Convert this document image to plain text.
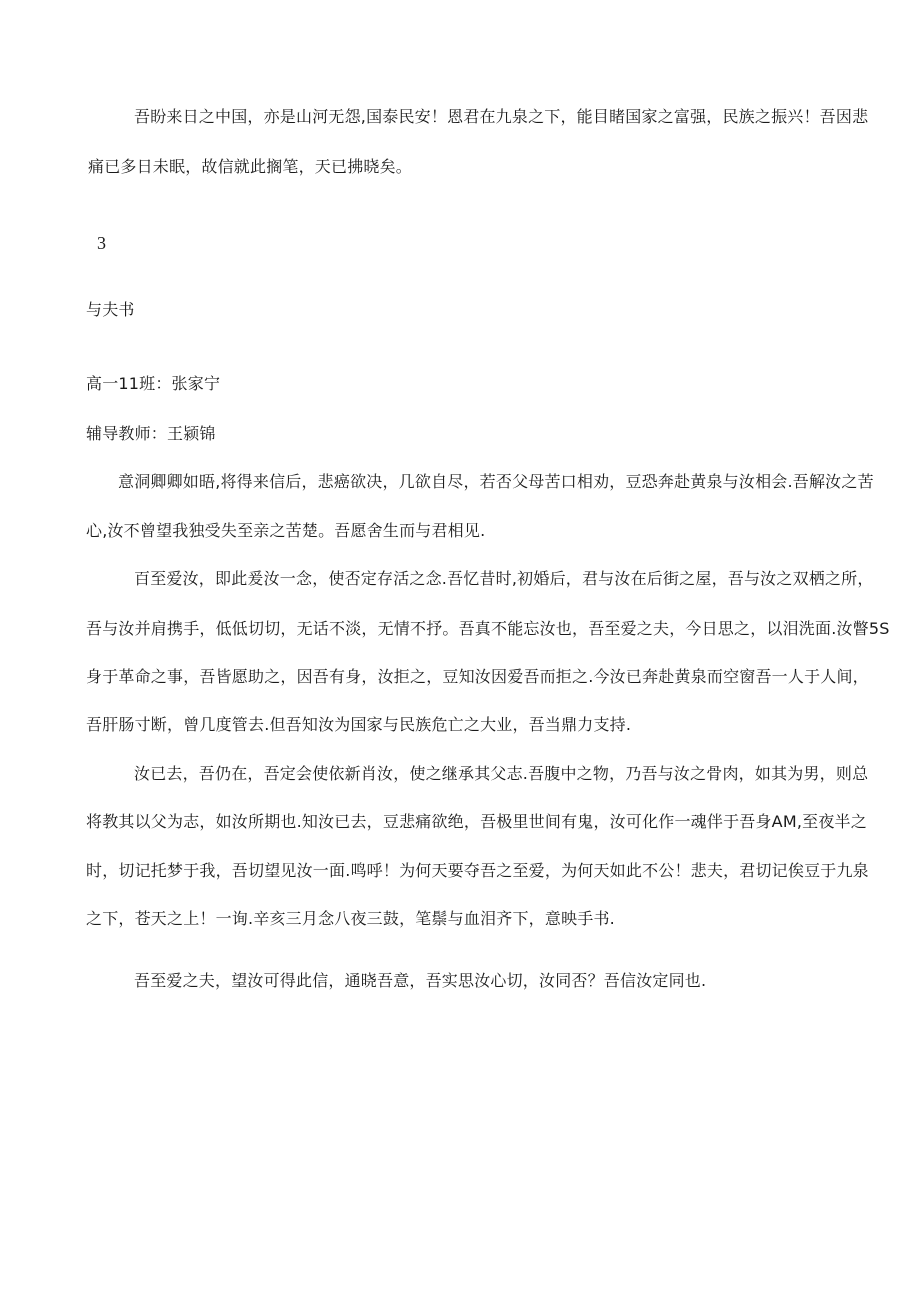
吾盼来日之中国，亦是山河无怨,国泰民安！恩君在九泉之下，能目睹国家之富强，民族之振兴！吾因悲
痛已多日未眠，故信就此搁笔，天已拂晓矣。
3
与夫书
高一11班：张家宁
辅导教师：王颍锦
意洞卿卿如晤,将得来信后，悲癌欲决，几欲自尽，若否父母苦口相劝，豆恐奔赴黄泉与汝相会.吾解汝之苦
心,汝不曾望我独受失至亲之苦楚。吾愿舍生而与君相见.
百至爱汝，即此爰汝一念，使否定存活之念.吾忆昔时,初婚后，君与汝在后街之屋，吾与汝之双栖之所，
吾与汝并肩携手，低低切切，无话不淡，无情不抒。吾真不能忘汝也，吾至爱之夫，今日思之，以泪洗面.汝瞥5S
身于革命之事，吾皆愿助之，因吾有身，汝拒之，豆知汝因爱吾而拒之.今汝已奔赴黄泉而空窗吾一人于人间，
吾肝肠寸断，曾几度管去.但吾知汝为国家与民族危亡之大业，吾当鼎力支持.
汝已去，吾仍在，吾定会使依新肖汝，使之继承其父志.吾腹中之物，乃吾与汝之骨肉，如其为男，则总
将教其以父为志，如汝所期也.知汝已去，豆悲痛欲绝，吾极里世间有鬼，汝可化作一魂伴于吾身AM,至夜半之
时，切记托梦于我，吾切望见汝一面.鸣呼！为何天要夺吾之至爱，为何天如此不公！悲夫，君切记俟豆于九泉
之下，苍天之上！一询.辛亥三月念八夜三鼓，笔鬃与血泪齐下，意映手书.
吾至爱之夫，望汝可得此信，通晓吾意，吾实思汝心切，汝同否？吾信汝定同也.
